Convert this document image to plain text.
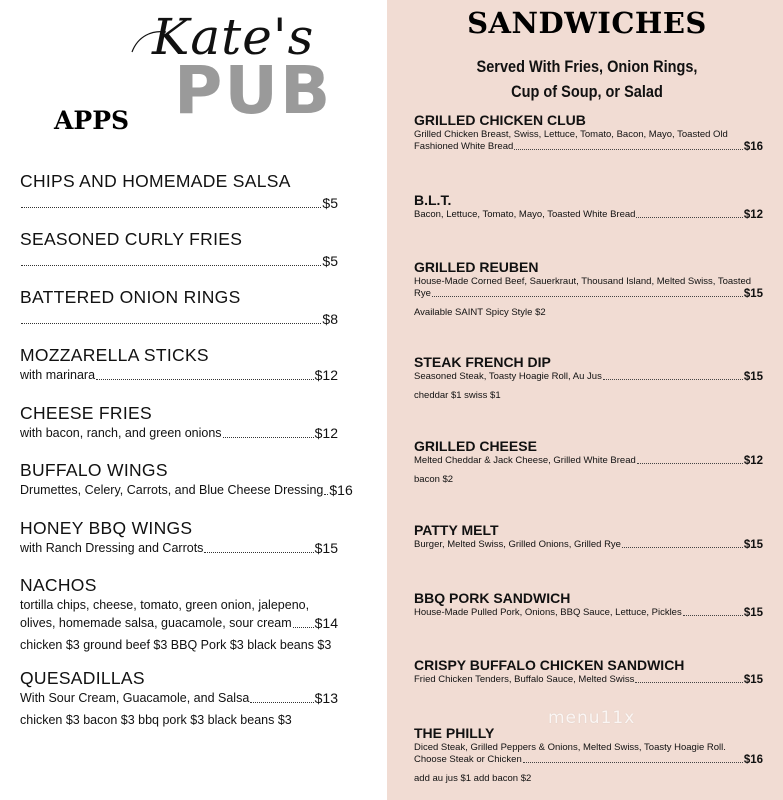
Kate's
PUB
APPS
CHIPS AND HOMEMADE SALSA
$5
SEASONED CURLY FRIES
$5
BATTERED ONION RINGS
$8
MOZZARELLA STICKS
with marinara	$12
CHEESE FRIES
with bacon, ranch, and green onions	$12
BUFFALO WINGS
Drumettes, Celery, Carrots, and Blue Cheese Dressing $16
HONEY BBQ WINGS
with Ranch Dressing and Carrots	$15
NACHOS
tortilla chips, cheese, tomato, green onion, jalepeno,
olives, homemade salsa, guacamole, sour cream $14
chicken $3 ground beef $3 BBQ Pork $3 black beans $3
QUESADILLAS
With Sour Cream, Guacamole, and Salsa	$13
chicken $3 bacon $3 bbq pork $3 black beans $3
SANDWICHES
Served With Fries, Onion Rings,
Cup of Soup, or Salad
GRILLED CHICKEN CLUB
Grilled Chicken Breast, Swiss, Lettuce, Tomato, Bacon, Mayo, Toasted Old
Fashioned White Bread	$16
B.L.T.
Bacon, Lettuce, Tomato, Mayo, Toasted White Bread	$12
GRILLED REUBEN
House-Made Corned Beef, Sauerkraut, Thousand Island, Melted Swiss, Toasted
Rye	$15
Available SAINT Spicy Style $2
STEAK FRENCH DIP
Seasoned Steak, Toasty Hoagie Roll, Au Jus	$15
cheddar $1 swiss $1
GRILLED CHEESE
Melted Cheddar & Jack Cheese, Grilled White Bread	$12
bacon $2
PATTY MELT
Burger, Melted Swiss, Grilled Onions, Grilled Rye	$15
BBQ PORK SANDWICH
House-Made Pulled Pork, Onions, BBQ Sauce, Lettuce, Pickles	$15
CRISPY BUFFALO CHICKEN SANDWICH
Fried Chicken Tenders, Buffalo Sauce, Melted Swiss	$15
THE PHILLY
Diced Steak, Grilled Peppers & Onions, Melted Swiss, Toasty Hoagie Roll.
Choose Steak or Chicken	$16
add au jus $1 add bacon $2
menu11x
